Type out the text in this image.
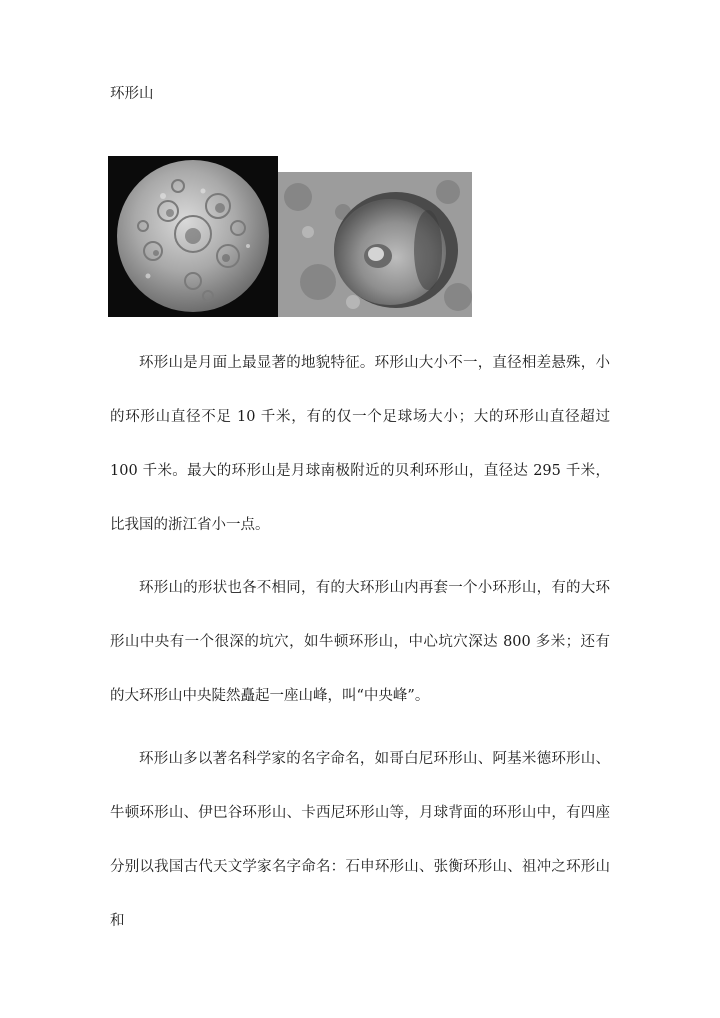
环形山

环形山是月面上最显著的地貌特征。环形山大小不一，直径相差悬殊，小的环形山直径不足 10 千米，有的仅一个足球场大小；大的环形山直径超过 100 千米。最大的环形山是月球南极附近的贝利环形山，直径达 295 千米，比我国的浙江省小一点。

环形山的形状也各不相同，有的大环形山内再套一个小环形山，有的大环形山中央有一个很深的坑穴，如牛顿环形山，中心坑穴深达 800 多米；还有的大环形山中央陡然矗起一座山峰，叫“中央峰”。

环形山多以著名科学家的名字命名，如哥白尼环形山、阿基米德环形山、牛顿环形山、伊巴谷环形山、卡西尼环形山等，月球背面的环形山中，有四座分别以我国古代天文学家名字命名：石申环形山、张衡环形山、祖冲之环形山和
